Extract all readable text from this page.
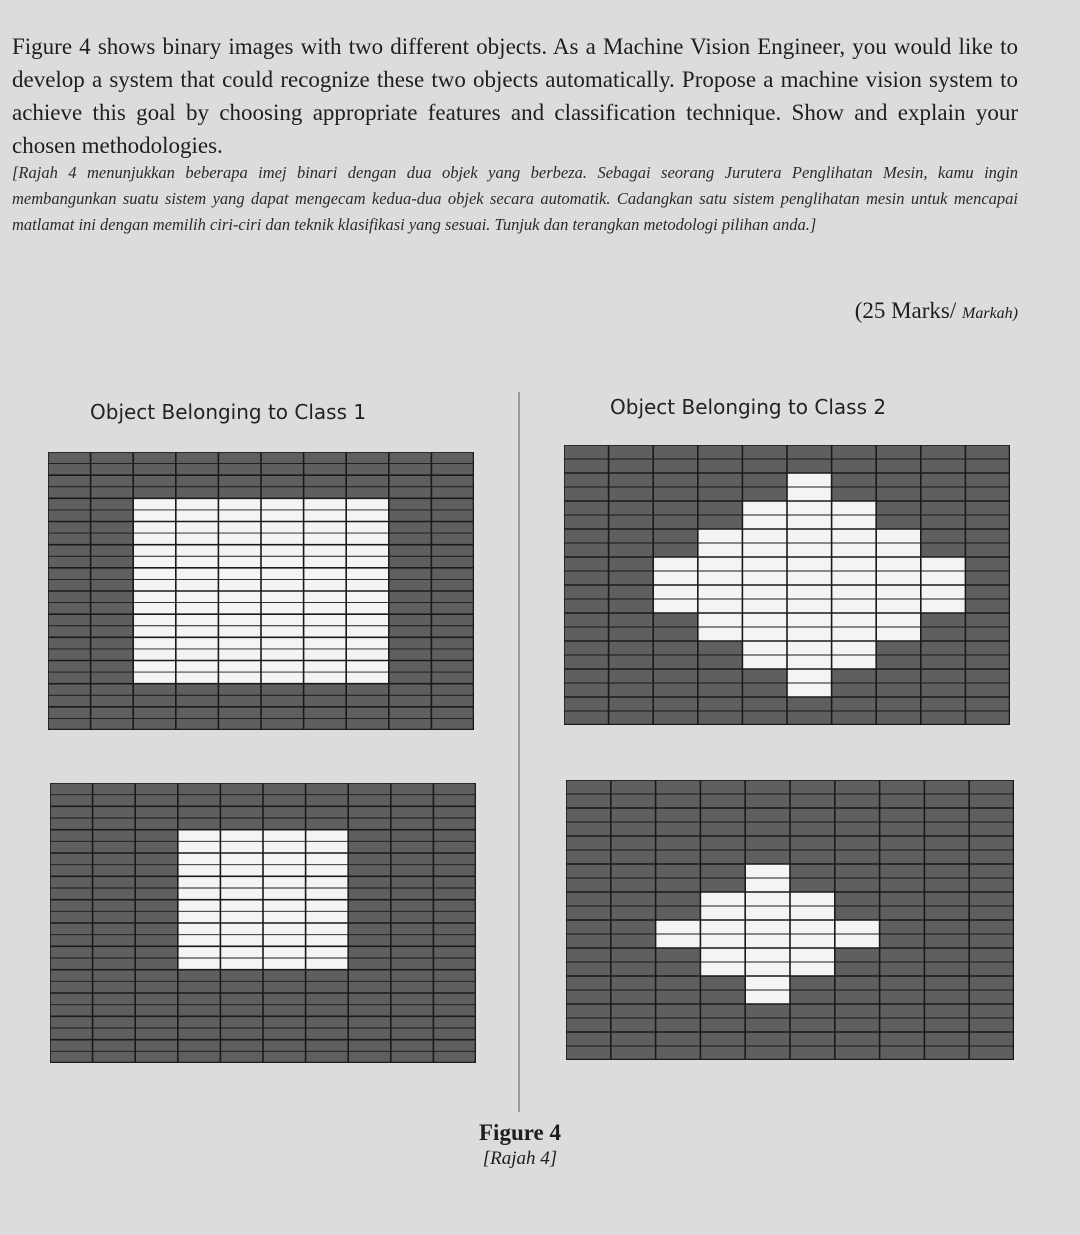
Figure 4 shows binary images with two different objects. As a Machine Vision Engineer, you would like to develop a system that could recognize these two objects automatically. Propose a machine vision system to achieve this goal by choosing appropriate features and classification technique. Show and explain your chosen methodologies.
[Rajah 4 menunjukkan beberapa imej binari dengan dua objek yang berbeza. Sebagai seorang Jurutera Penglihatan Mesin, kamu ingin membangunkan suatu sistem yang dapat mengecam kedua-dua objek secara automatik. Cadangkan satu sistem penglihatan mesin untuk mencapai matlamat ini dengan memilih ciri-ciri dan teknik klasifikasi yang sesuai. Tunjuk dan terangkan metodologi pilihan anda.]
(25 Marks/ Markah)
Object Belonging to Class 1	Object Belonging to Class 2
Figure 4
[Rajah 4]
